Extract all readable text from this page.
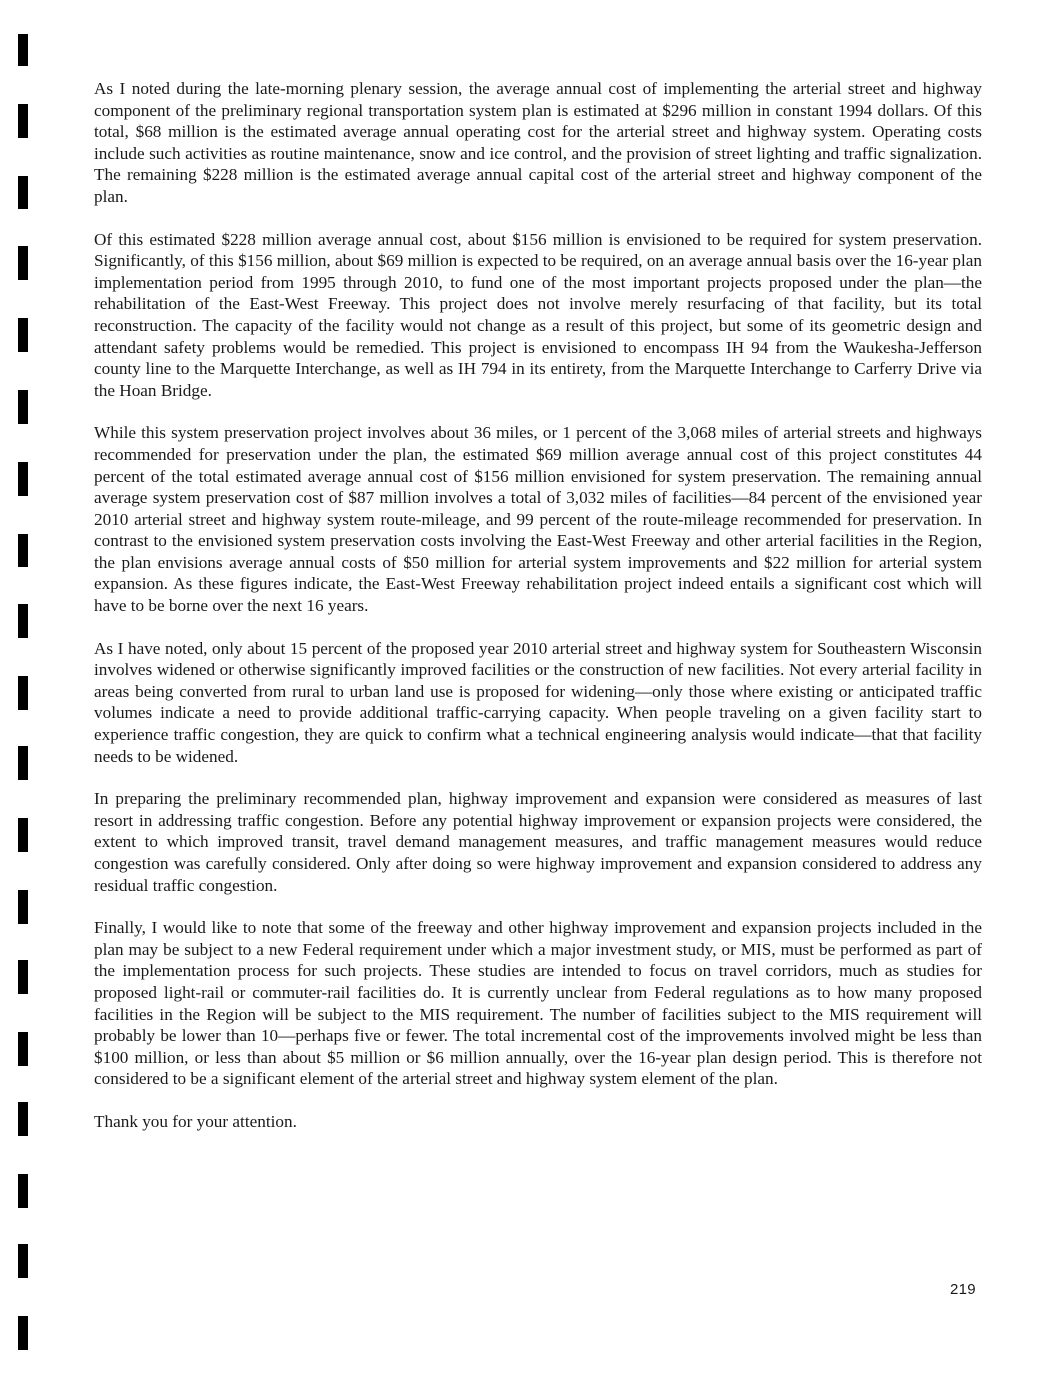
As I noted during the late-morning plenary session, the average annual cost of implementing the arterial street and highway component of the preliminary regional transportation system plan is estimated at $296 million in constant 1994 dollars. Of this total, $68 million is the estimated average annual operating cost for the arterial street and highway system. Operating costs include such activities as routine maintenance, snow and ice control, and the provision of street lighting and traffic signalization. The remaining $228 million is the estimated average annual capital cost of the arterial street and highway component of the plan.

Of this estimated $228 million average annual cost, about $156 million is envisioned to be required for system preservation. Significantly, of this $156 million, about $69 million is expected to be required, on an average annual basis over the 16-year plan implementation period from 1995 through 2010, to fund one of the most important projects proposed under the plan—the rehabilitation of the East-West Freeway. This project does not involve merely resurfacing of that facility, but its total reconstruction. The capacity of the facility would not change as a result of this project, but some of its geometric design and attendant safety problems would be remedied. This project is envisioned to encompass IH 94 from the Waukesha-Jefferson county line to the Marquette Interchange, as well as IH 794 in its entirety, from the Marquette Interchange to Carferry Drive via the Hoan Bridge.

While this system preservation project involves about 36 miles, or 1 percent of the 3,068 miles of arterial streets and highways recommended for preservation under the plan, the estimated $69 million average annual cost of this project constitutes 44 percent of the total estimated average annual cost of $156 million envisioned for system preservation. The remaining annual average system preservation cost of $87 million involves a total of 3,032 miles of facilities—84 percent of the envisioned year 2010 arterial street and highway system route-mileage, and 99 percent of the route-mileage recommended for preservation. In contrast to the envisioned system preservation costs involving the East-West Freeway and other arterial facilities in the Region, the plan envisions average annual costs of $50 million for arterial system improvements and $22 million for arterial system expansion. As these figures indicate, the East-West Freeway rehabilitation project indeed entails a significant cost which will have to be borne over the next 16 years.

As I have noted, only about 15 percent of the proposed year 2010 arterial street and highway system for Southeastern Wisconsin involves widened or otherwise significantly improved facilities or the construction of new facilities. Not every arterial facility in areas being converted from rural to urban land use is proposed for widening—only those where existing or anticipated traffic volumes indicate a need to provide additional traffic-carrying capacity. When people traveling on a given facility start to experience traffic congestion, they are quick to confirm what a technical engineering analysis would indicate—that that facility needs to be widened.

In preparing the preliminary recommended plan, highway improvement and expansion were considered as measures of last resort in addressing traffic congestion. Before any potential highway improvement or expansion projects were considered, the extent to which improved transit, travel demand management measures, and traffic management measures would reduce congestion was carefully considered. Only after doing so were highway improvement and expansion considered to address any residual traffic congestion.

Finally, I would like to note that some of the freeway and other highway improvement and expansion projects included in the plan may be subject to a new Federal requirement under which a major investment study, or MIS, must be performed as part of the implementation process for such projects. These studies are intended to focus on travel corridors, much as studies for proposed light-rail or commuter-rail facilities do. It is currently unclear from Federal regulations as to how many proposed facilities in the Region will be subject to the MIS requirement. The number of facilities subject to the MIS requirement will probably be lower than 10—perhaps five or fewer. The total incremental cost of the improvements involved might be less than $100 million, or less than about $5 million or $6 million annually, over the 16-year plan design period. This is therefore not considered to be a significant element of the arterial street and highway system element of the plan.

Thank you for your attention.

219
